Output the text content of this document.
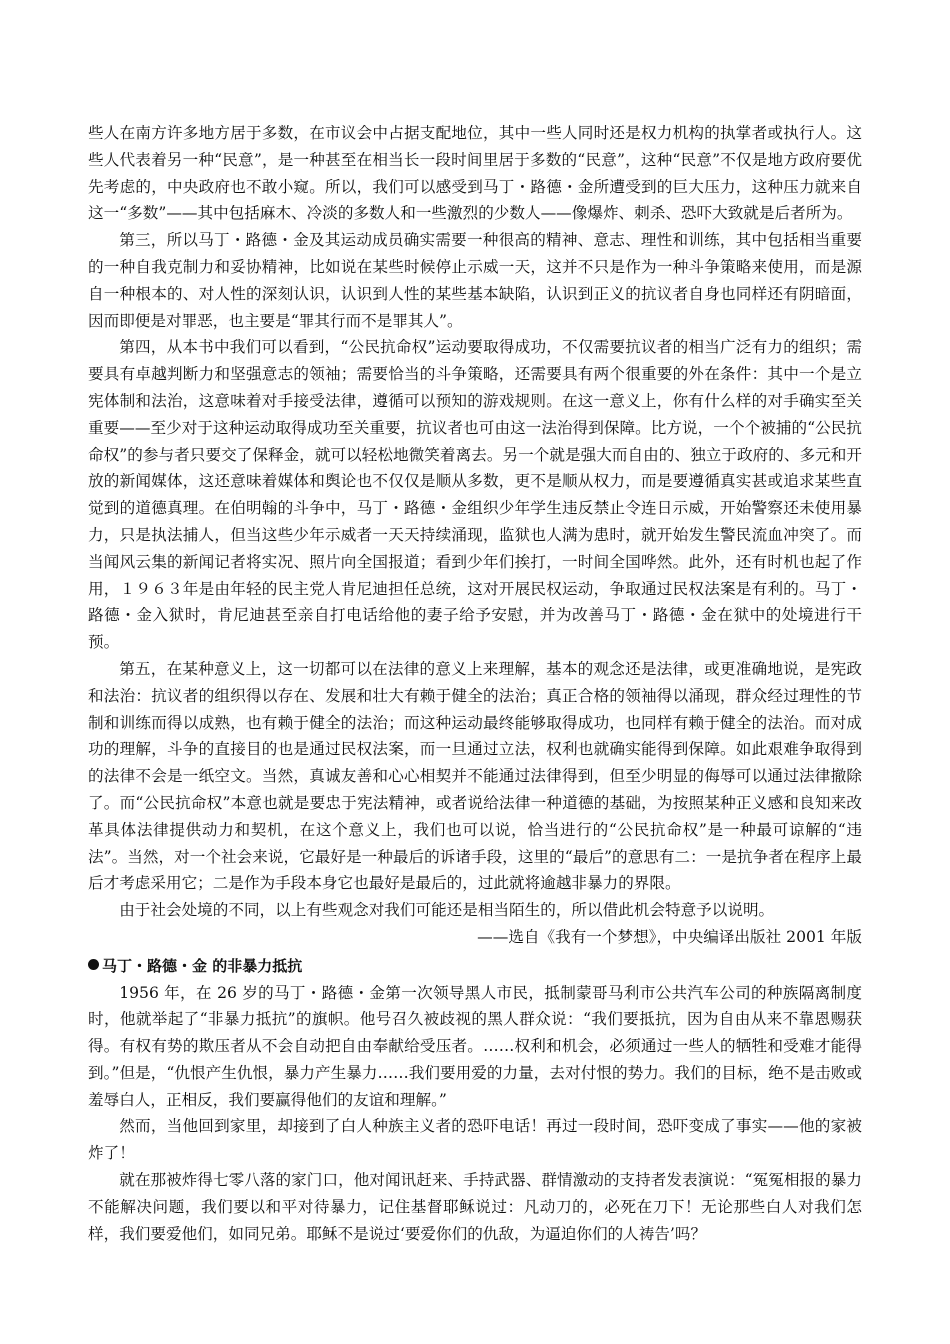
些人在南方许多地方居于多数，在市议会中占据支配地位，其中一些人同时还是权力机构的执掌者或执行人。这些人代表着另一种“民意”，是一种甚至在相当长一段时间里居于多数的“民意”，这种“民意”不仅是地方政府要优先考虑的，中央政府也不敢小窥。所以，我们可以感受到马丁・路德・金所遭受到的巨大压力，这种压力就来自这一“多数”——其中包括麻木、冷淡的多数人和一些激烈的少数人——像爆炸、刺杀、恐吓大致就是后者所为。

第三，所以马丁・路德・金及其运动成员确实需要一种很高的精神、意志、理性和训练，其中包括相当重要的一种自我克制力和妥协精神，比如说在某些时候停止示威一天，这并不只是作为一种斗争策略来使用，而是源自一种根本的、对人性的深刻认识，认识到人性的某些基本缺陷，认识到正义的抗议者自身也同样还有阴暗面，因而即便是对罪恶，也主要是“罪其行而不是罪其人”。

第四，从本书中我们可以看到，“公民抗命权”运动要取得成功，不仅需要抗议者的相当广泛有力的组织；需要具有卓越判断力和坚强意志的领袖；需要恰当的斗争策略，还需要具有两个很重要的外在条件：其中一个是立宪体制和法治，这意味着对手接受法律，遵循可以预知的游戏规则。在这一意义上，你有什么样的对手确实至关重要——至少对于这种运动取得成功至关重要，抗议者也可由这一法治得到保障。比方说，一个个被捕的“公民抗命权”的参与者只要交了保释金，就可以轻松地微笑着离去。另一个就是强大而自由的、独立于政府的、多元和开放的新闻媒体，这还意味着媒体和舆论也不仅仅是顺从多数，更不是顺从权力，而是要遵循真实甚或追求某些直觉到的道德真理。在伯明翰的斗争中，马丁・路德・金组织少年学生违反禁止令连日示威，开始警察还未使用暴力，只是执法捕人，但当这些少年示威者一天天持续涌现，监狱也人满为患时，就开始发生警民流血冲突了。而当闻风云集的新闻记者将实况、照片向全国报道；看到少年们挨打，一时间全国哗然。此外，还有时机也起了作用，１９６３年是由年轻的民主党人肯尼迪担任总统，这对开展民权运动，争取通过民权法案是有利的。马丁・路德・金入狱时，肯尼迪甚至亲自打电话给他的妻子给予安慰，并为改善马丁・路德・金在狱中的处境进行干预。

第五，在某种意义上，这一切都可以在法律的意义上来理解，基本的观念还是法律，或更准确地说，是宪政和法治：抗议者的组织得以存在、发展和壮大有赖于健全的法治；真正合格的领袖得以涌现，群众经过理性的节制和训练而得以成熟，也有赖于健全的法治；而这种运动最终能够取得成功，也同样有赖于健全的法治。而对成功的理解，斗争的直接目的也是通过民权法案，而一旦通过立法，权利也就确实能得到保障。如此艰难争取得到的法律不会是一纸空文。当然，真诚友善和心心相契并不能通过法律得到，但至少明显的侮辱可以通过法律撤除了。而“公民抗命权”本意也就是要忠于宪法精神，或者说给法律一种道德的基础，为按照某种正义感和良知来改革具体法律提供动力和契机，在这个意义上，我们也可以说，恰当进行的“公民抗命权”是一种最可谅解的“违法”。当然，对一个社会来说，它最好是一种最后的诉诸手段，这里的“最后”的意思有二：一是抗争者在程序上最后才考虑采用它；二是作为手段本身它也最好是最后的，过此就将逾越非暴力的界限。

由于社会处境的不同，以上有些观念对我们可能还是相当陌生的，所以借此机会特意予以说明。

——选自《我有一个梦想》，中央编译出版社 2001 年版

马丁・路德・金 的非暴力抵抗

1956 年，在 26 岁的马丁・路德・金第一次领导黑人市民，抵制蒙哥马利市公共汽车公司的种族隔离制度时，他就举起了“非暴力抵抗”的旗帜。他号召久被歧视的黑人群众说：“我们要抵抗，因为自由从来不靠恩赐获得。有权有势的欺压者从不会自动把自由奉献给受压者。……权利和机会，必须通过一些人的牺牲和受难才能得到。”但是，“仇恨产生仇恨，暴力产生暴力……我们要用爱的力量，去对付恨的势力。我们的目标，绝不是击败或羞辱白人，正相反，我们要赢得他们的友谊和理解。”

然而，当他回到家里，却接到了白人种族主义者的恐吓电话！再过一段时间，恐吓变成了事实——他的家被炸了！

就在那被炸得七零八落的家门口，他对闻讯赶来、手持武器、群情激动的支持者发表演说：“冤冤相报的暴力不能解决问题，我们要以和平对待暴力，记住基督耶稣说过：凡动刀的，必死在刀下！无论那些白人对我们怎样，我们要爱他们，如同兄弟。耶稣不是说过‘要爱你们的仇敌，为逼迫你们的人祷告’吗？
